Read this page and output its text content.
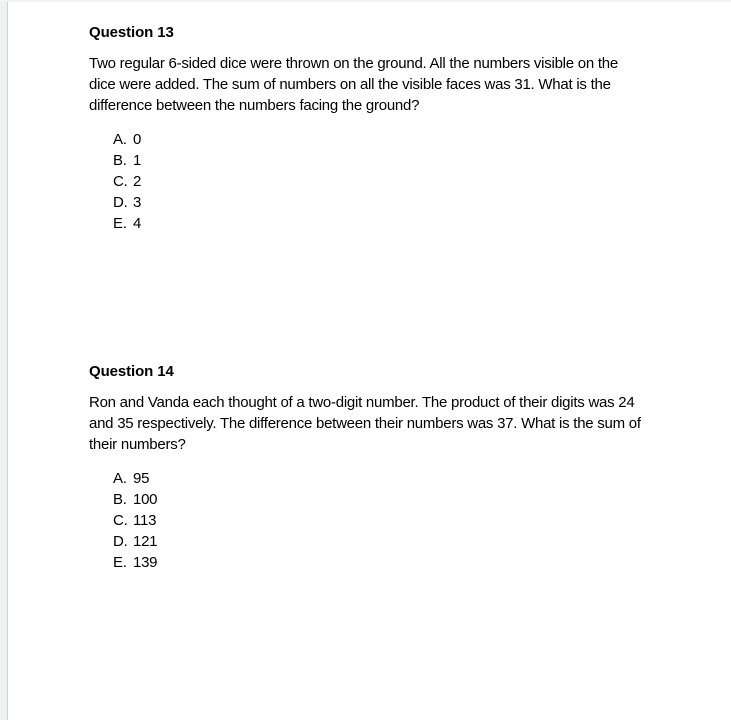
Question 13

Two regular 6-sided dice were thrown on the ground. All the numbers visible on the
dice were added. The sum of numbers on all the visible faces was 31. What is the
difference between the numbers facing the ground?

A. 0
B. 1
C. 2
D. 3
E. 4
Question 14

Ron and Vanda each thought of a two-digit number. The product of their digits was 24
and 35 respectively. The difference between their numbers was 37. What is the sum of
their numbers?

A. 95
B. 100
C. 113
D. 121
E. 139
